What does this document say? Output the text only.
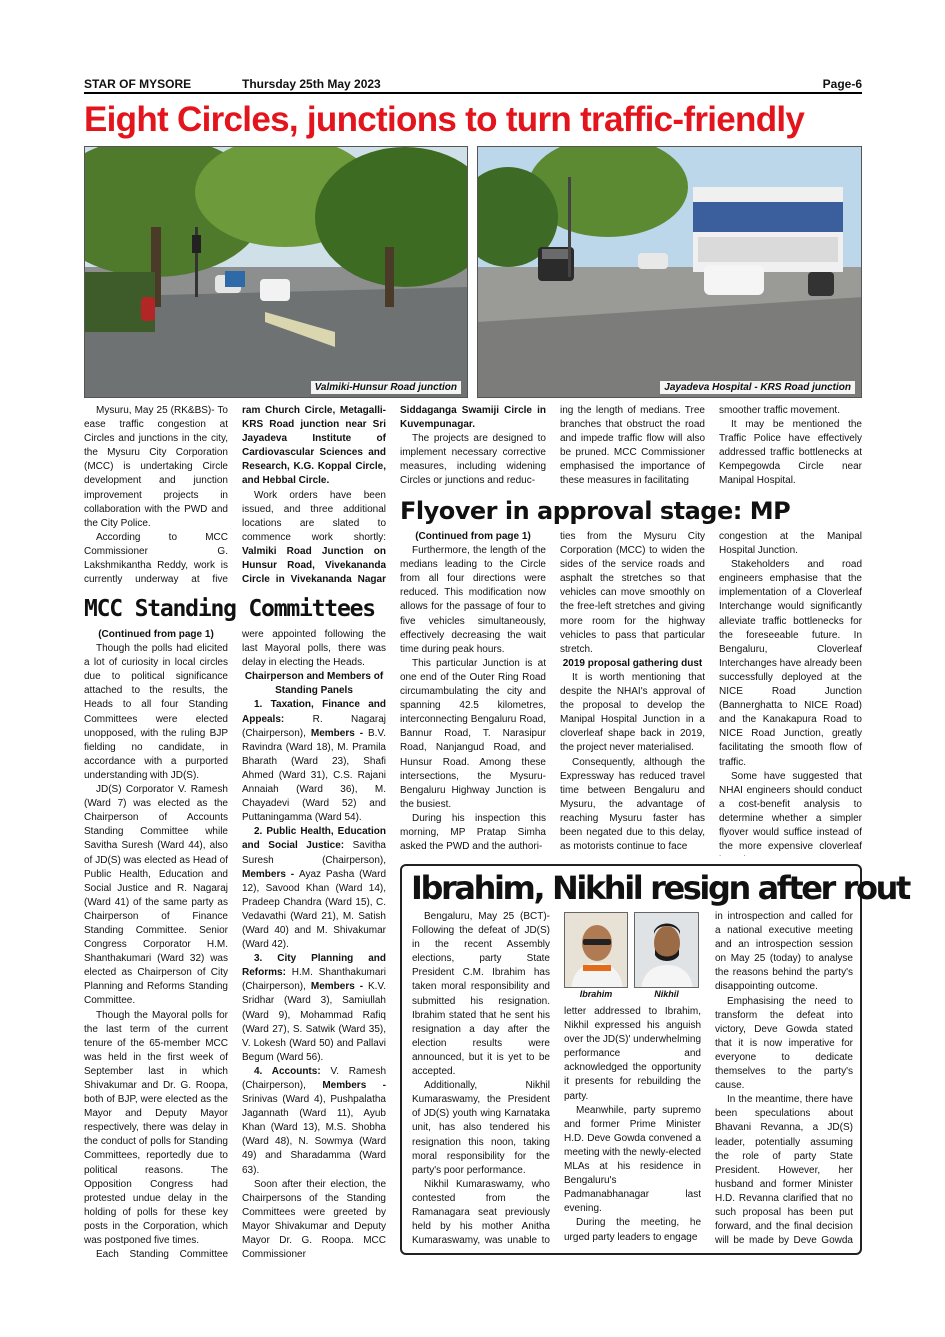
STAR OF MYSORE	Thursday 25th May 2023	Page-6
Eight Circles, junctions to turn traffic-friendly
Valmiki-Hunsur Road junction	Jayadeva Hospital - KRS Road junction

Mysuru, May 25 (RK&BS)- To ease traffic congestion at Circles and junctions in the city, the Mysuru City Corporation (MCC) is undertaking Circle development and junction improvement projects in collaboration with the PWD and the City Police.

According to MCC Commissioner G. Lakshmikantha Reddy, work is currently underway at five

ram Church Circle, Metagalli-KRS Road junction near Sri Jayadeva Institute of Cardiovascular Sciences and Research, K.G. Koppal Circle, and Hebbal Circle.

Work orders have been issued, and three additional locations are slated to commence work shortly: Valmiki Road Junction on Hunsur Road, Vivekananda Circle in Vivekananda Nagar

Siddaganga Swamiji Circle in Kuvempunagar.

The projects are designed to implement necessary corrective measures, including widening Circles or junctions and reduc-

ing the length of medians. Tree branches that obstruct the road and impede traffic flow will also be pruned. MCC Commissioner emphasised the importance of these measures in facilitating

smoother traffic movement.

It may be mentioned the Traffic Police have effectively addressed traffic bottlenecks at Kempegowda Circle near Manipal Hospital.

MCC Standing Committees
(Continued from page 1)

Though the polls had elicited a lot of curiosity in local circles due to political significance attached to the results, the Heads to all four Standing Committees were elected unopposed, with the ruling BJP fielding no candidate, in accordance with a purported understanding with JD(S).

JD(S) Corporator V. Ramesh (Ward 7) was elected as the Chairperson of Accounts Standing Committee while Savitha Suresh (Ward 44), also of JD(S) was elected as Head of Public Health, Education and Social Justice and R. Nagaraj (Ward 41) of the same party as Chairperson of Finance Standing Committee. Senior Congress Corporator H.M. Shanthakumari (Ward 32) was elected as Chairperson of City Planning and Reforms Standing Committee.

Though the Mayoral polls for the last term of the current tenure of the 65-member MCC was held in the first week of September last in which Shivakumar and Dr. G. Roopa, both of BJP, were elected as the Mayor and Deputy Mayor respectively, there was delay in the conduct of polls for Standing Committees, reportedly due to political reasons. The Opposition Congress had protested undue delay in the holding of polls for these key posts in the Corporation, which was postponed five times.

Each Standing Committee

were appointed following the last Mayoral polls, there was delay in electing the Heads.

Chairperson and Members of Standing Panels

1. Taxation, Finance and Appeals: R. Nagaraj (Chairperson), Members - B.V. Ravindra (Ward 18), M. Pramila Bharath (Ward 23), Shafi Ahmed (Ward 31), C.S. Rajani Annaiah (Ward 36), M. Chayadevi (Ward 52) and Puttaningamma (Ward 54).

2. Public Health, Education and Social Justice: Savitha Suresh (Chairperson), Members - Ayaz Pasha (Ward 12), Savood Khan (Ward 14), Pradeep Chandra (Ward 15), C. Vedavathi (Ward 21), M. Satish (Ward 40) and M. Shivakumar (Ward 42).

3. City Planning and Reforms: H.M. Shanthakumari (Chairperson), Members - K.V. Sridhar (Ward 3), Samiullah (Ward 9), Mohammad Rafiq (Ward 27), S. Satwik (Ward 35), V. Lokesh (Ward 50) and Pallavi Begum (Ward 56).

4. Accounts: V. Ramesh (Chairperson), Members - Srinivas (Ward 4), Pushpalatha Jagannath (Ward 11), Ayub Khan (Ward 13), M.S. Shobha (Ward 48), N. Sowmya (Ward 49) and Sharadamma (Ward 63).

Soon after their election, the Chairpersons of the Standing Committees were greeted by Mayor Shivakumar and Deputy Mayor Dr. G. Roopa. MCC Commissioner

Flyover in approval stage: MP
(Continued from page 1)

Furthermore, the length of the medians leading to the Circle from all four directions were reduced. This modification now allows for the passage of four to five vehicles simultaneously, effectively decreasing the wait time during peak hours.

This particular Junction is at one end of the Outer Ring Road circumambulating the city and spanning 42.5 kilometres, interconnecting Bengaluru Road, Bannur Road, T. Narasipur Road, Nanjangud Road, and Hunsur Road. Among these intersections, the Mysuru-Bengaluru Highway Junction is the busiest.

During his inspection this morning, MP Pratap Simha asked the PWD and the authori-

ties from the Mysuru City Corporation (MCC) to widen the sides of the service roads and asphalt the stretches so that vehicles can move smoothly on the free-left stretches and giving more room for the highway vehicles to pass that particular stretch.

2019 proposal gathering dust

It is worth mentioning that despite the NHAI's approval of the proposal to develop the Manipal Hospital Junction in a cloverleaf shape back in 2019, the project never materialised.

Consequently, although the Expressway has reduced travel time between Bengaluru and Mysuru, the advantage of reaching Mysuru faster has been negated due to this delay, as motorists continue to face

congestion at the Manipal Hospital Junction.

Stakeholders and road engineers emphasise that the implementation of a Cloverleaf Interchange would significantly alleviate traffic bottlenecks for the foreseeable future. In Bengaluru, Cloverleaf Interchanges have already been successfully deployed at the NICE Road Junction (Bannerghatta to NICE Road) and the Kanakapura Road to NICE Road Junction, greatly facilitating the smooth flow of traffic.

Some have suggested that NHAI engineers should conduct a cost-benefit analysis to determine whether a simpler flyover would suffice instead of the more expensive cloverleaf

Ibrahim, Nikhil resign after rout

Bengaluru, May 25 (BCT)- Following the defeat of JD(S) in the recent Assembly elections, party State President C.M. Ibrahim has taken moral responsibility and submitted his resignation. Ibrahim stated that he sent his resignation a day after the election results were announced, but it is yet to be accepted.

Additionally, Nikhil Kumaraswamy, the President of JD(S) youth wing Karnataka unit, has also tendered his resignation this noon, taking moral responsibility for the party's poor performance.

Nikhil Kumaraswamy, who contested from the Ramanagara seat previously held by his mother Anitha Kumaraswamy, was unable to

Ibrahim	Nikhil

letter addressed to Ibrahim, Nikhil expressed his anguish over the JD(S)' underwhelming performance and acknowledged the opportunity it presents for rebuilding the party.

Meanwhile, party supremo and former Prime Minister H.D. Deve Gowda convened a meeting with the newly-elected MLAs at his residence in Bengaluru's Padmanabhanagar last evening.

During the meeting, he urged party leaders to engage

in introspection and called for a national executive meeting and an introspection session on May 25 (today) to analyse the reasons behind the party's disappointing outcome.

Emphasising the need to transform the defeat into victory, Deve Gowda stated that it is now imperative for everyone to dedicate themselves to the party's cause.

In the meantime, there have been speculations about Bhavani Revanna, a JD(S) leader, potentially assuming the role of party State President. However, her husband and former Minister H.D. Revanna clarified that no such proposal has been put forward, and the final decision will be made by Deve Gowda
